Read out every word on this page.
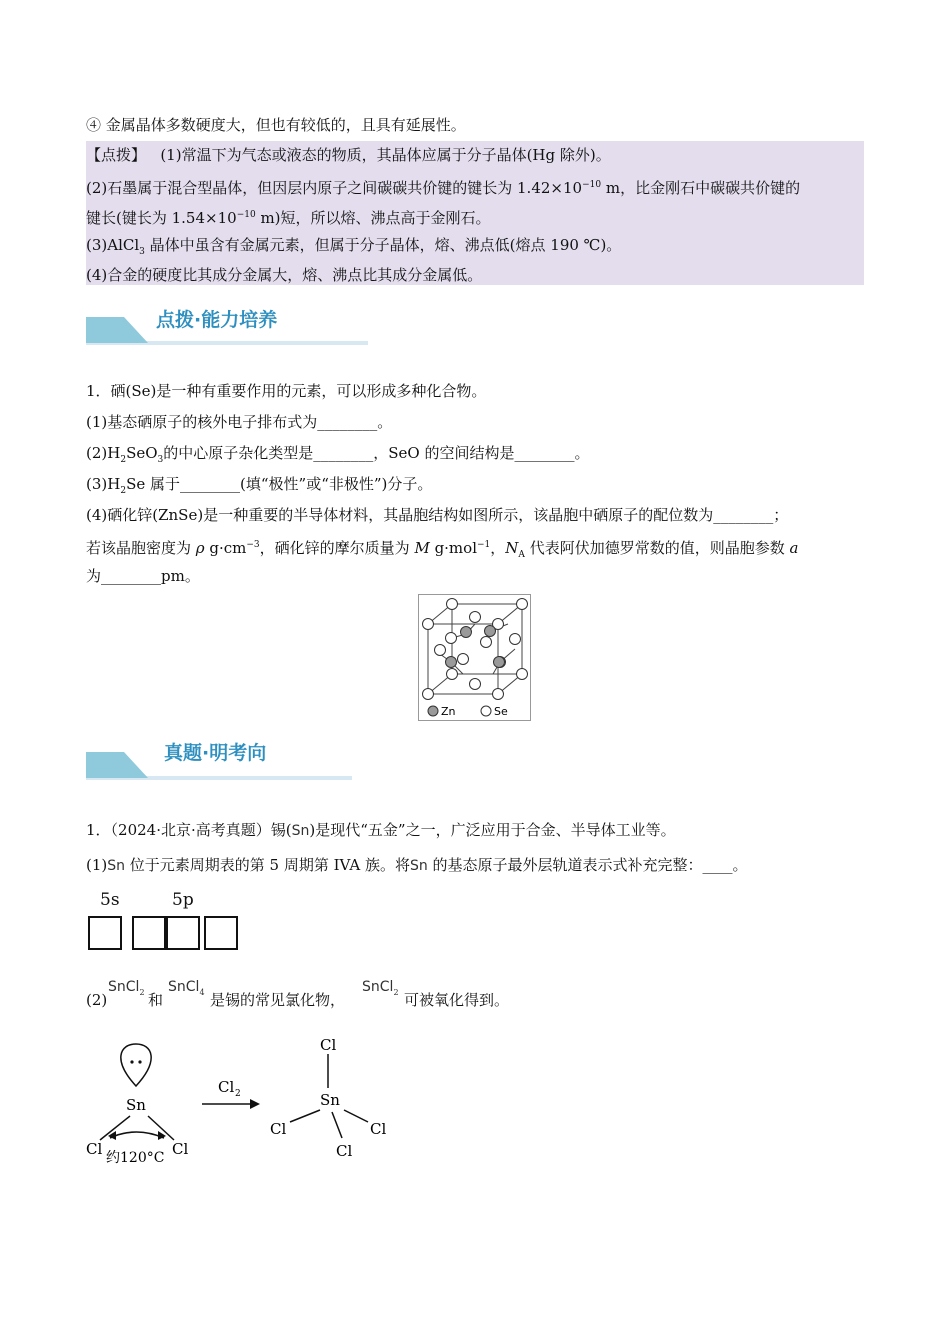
④ 金属晶体多数硬度大，但也有较低的，且具有延展性。
【点拨】 (1)常温下为气态或液态的物质，其晶体应属于分子晶体(Hg 除外)。
(2)石墨属于混合型晶体，但因层内原子之间碳碳共价键的键长为 $1.42\times 10^{-10}$ m，比金刚石中碳碳共价键的
键长(键长为 $1.54\times 10^{-10}$ m)短，所以熔、沸点高于金刚石。
(3)AlCl$_3$ 晶体中虽含有金属元素，但属于分子晶体，熔、沸点低(熔点 190 ℃)。
(4)合金的硬度比其成分金属大，熔、沸点比其成分金属低。
点拨·能力培养
1．硒(Se)是一种有重要作用的元素，可以形成多种化合物。
(1)基态硒原子的核外电子排布式为________。
$(2)H_2SeO_3$的中心原子杂化类型是________，SeO 的空间结构是________。
$(3)H_2Se$ 属于________(填“极性”或“非极性”)分子。
(4)硒化锌(ZnSe)是一种重要的半导体材料，其晶胞结构如图所示，该晶胞中硒原子的配位数为________；
若该晶胞密度为 ρ $g\cdot cm^{-3}$，硒化锌的摩尔质量为 M g·mol$^{-1}$，$N_A$ 代表阿伏加德罗常数的值，则晶胞参数 a
为________pm。
Zn	Se
真题·明考向
1．（2024·北京·高考真题）锡(Sn)是现代“五金”之一，广泛应用于合金、半导体工业等。
(1)Sn 位于元素周期表的第 5 周期第 IVA 族。将Sn 的基态原子最外层轨道表示式补充完整：____。
5s	5p
(2)
SnCl$_2$ 和
SnCl$_4$ 是锡的常见氯化物，
SnCl$_2$ 可被氧化得到。
Sn
Cl	Cl
约120°C
Cl 2
Cl
Sn
Cl	Cl
Cl
